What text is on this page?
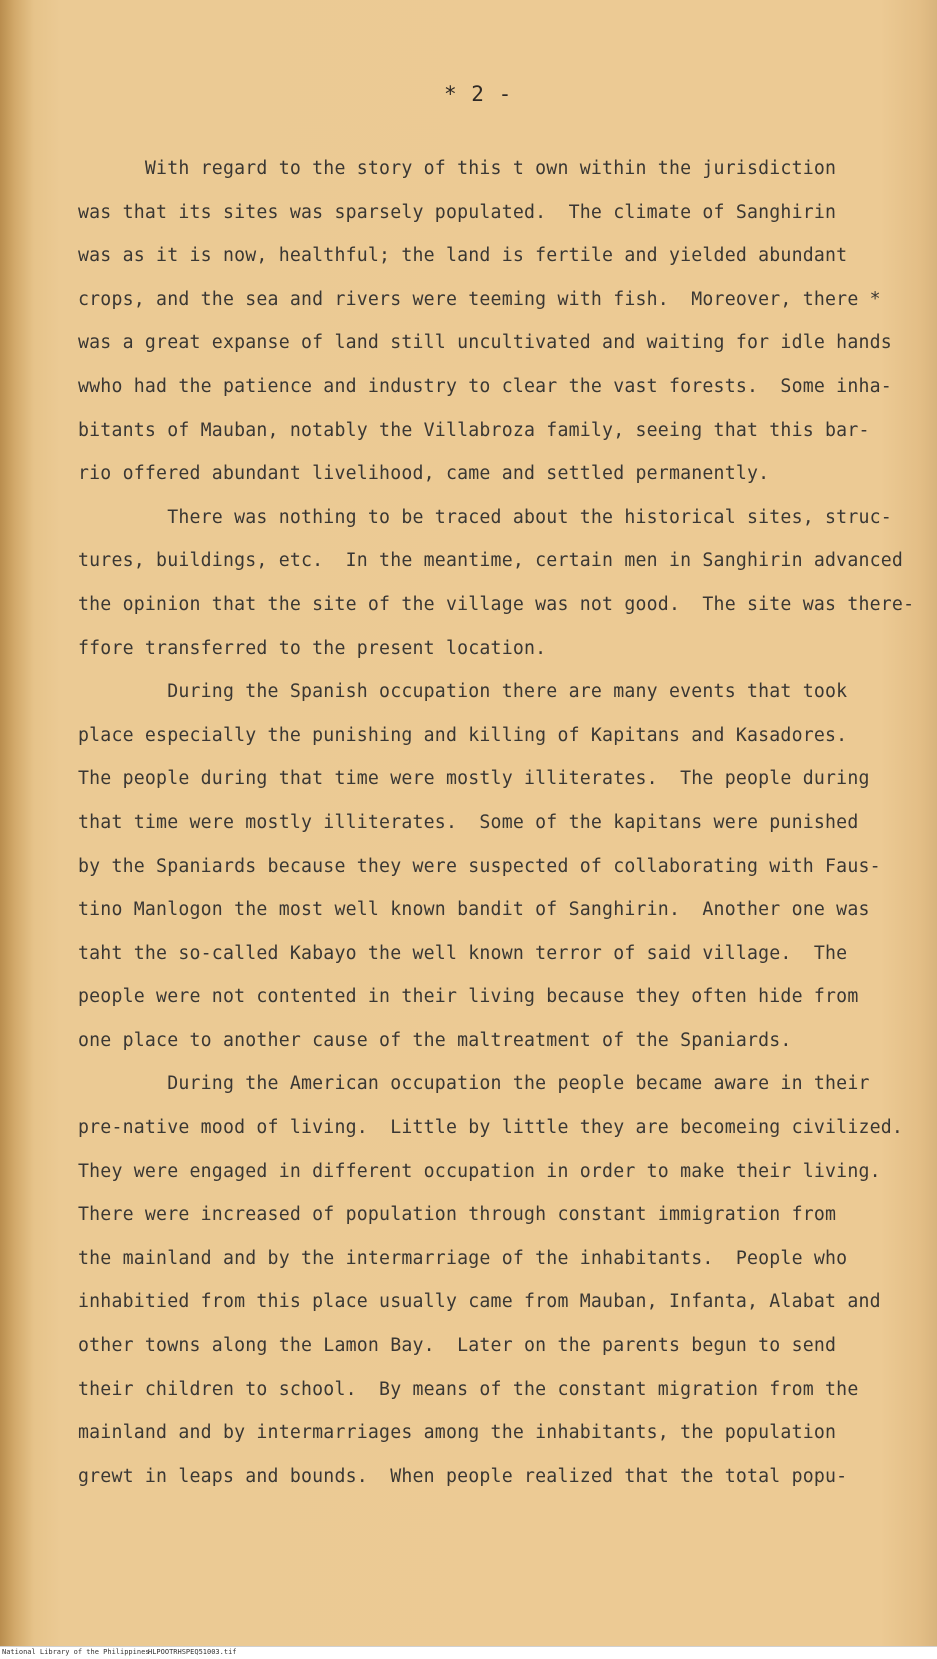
* 2 -
With regard to the story of this t own within the jurisdiction
was that its sites was sparsely populated.  The climate of Sanghirin
was as it is now, healthful; the land is fertile and yielded abundant
crops, and the sea and rivers were teeming with fish.  Moreover, there *
was a great expanse of land still uncultivated and waiting for idle hands
wwho had the patience and industry to clear the vast forests.  Some inha-
bitants of Mauban, notably the Villabroza family, seeing that this bar-
rio offered abundant livelihood, came and settled permanently.
There was nothing to be traced about the historical sites, struc-
tures, buildings, etc.  In the meantime, certain men in Sanghirin advanced
the opinion that the site of the village was not good.  The site was there-
ffore transferred to the present location.
During the Spanish occupation there are many events that took
place especially the punishing and killing of Kapitans and Kasadores.
The people during that time were mostly illiterates.  The people during
that time were mostly illiterates.  Some of the kapitans were punished
by the Spaniards because they were suspected of collaborating with Faus-
tino Manlogon the most well known bandit of Sanghirin.  Another one was
taht the so-called Kabayo the well known terror of said village.  The
people were not contented in their living because they often hide from
one place to another cause of the maltreatment of the Spaniards.
During the American occupation the people became aware in their
pre-native mood of living.  Little by little they are becomeing civilized.
They were engaged in different occupation in order to make their living.
There were increased of population through constant immigration from
the mainland and by the intermarriage of the inhabitants.  People who
inhabitied from this place usually came from Mauban, Infanta, Alabat and
other towns along the Lamon Bay.  Later on the parents begun to send
their children to school.  By means of the constant migration from the
mainland and by intermarriages among the inhabitants, the population
grewt in leaps and bounds.  When people realized that the total popu-
National Library of the Philippines
HLPOOTRHSPEQ51003.tif
